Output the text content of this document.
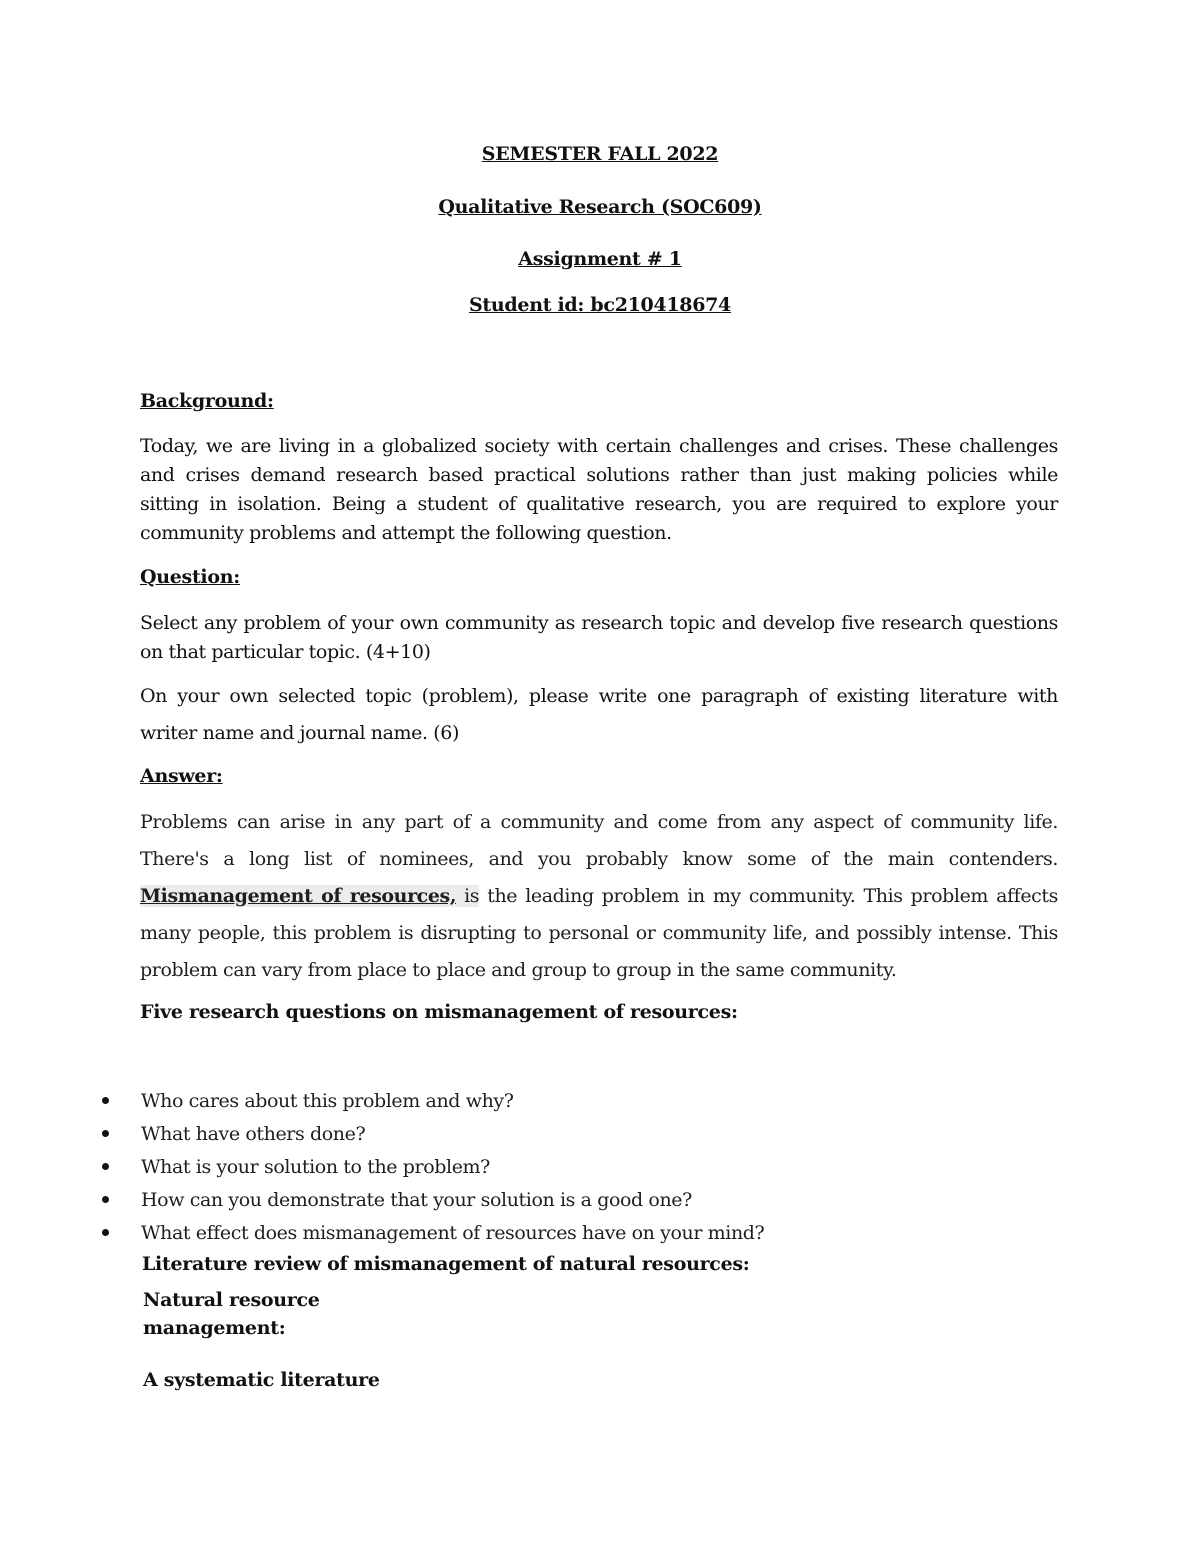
SEMESTER FALL 2022
Qualitative Research (SOC609)
Assignment # 1
Student id: bc210418674
Background:
Today, we are living in a globalized society with certain challenges and crises. These challenges and crises demand research based practical solutions rather than just making policies while sitting in isolation. Being a student of qualitative research, you are required to explore your community problems and attempt the following question.
Question:
Select any problem of your own community as research topic and develop five research questions on that particular topic. (4+10)
On your own selected topic (problem), please write one paragraph of existing literature with writer name and journal name. (6)
Answer:
Problems can arise in any part of a community and come from any aspect of community life. There's a long list of nominees, and you probably know some of the main contenders. Mismanagement of resources, is the leading problem in my community. This problem affects many people, this problem is disrupting to personal or community life, and possibly intense. This problem can vary from place to place and group to group in the same community.
Five research questions on mismanagement of resources:
Who cares about this problem and why?
What have others done?
What is your solution to the problem?
How can you demonstrate that your solution is a good one?
What effect does mismanagement of resources have on your mind?
Literature review of mismanagement of natural resources:
Natural resource management:
A systematic literature
